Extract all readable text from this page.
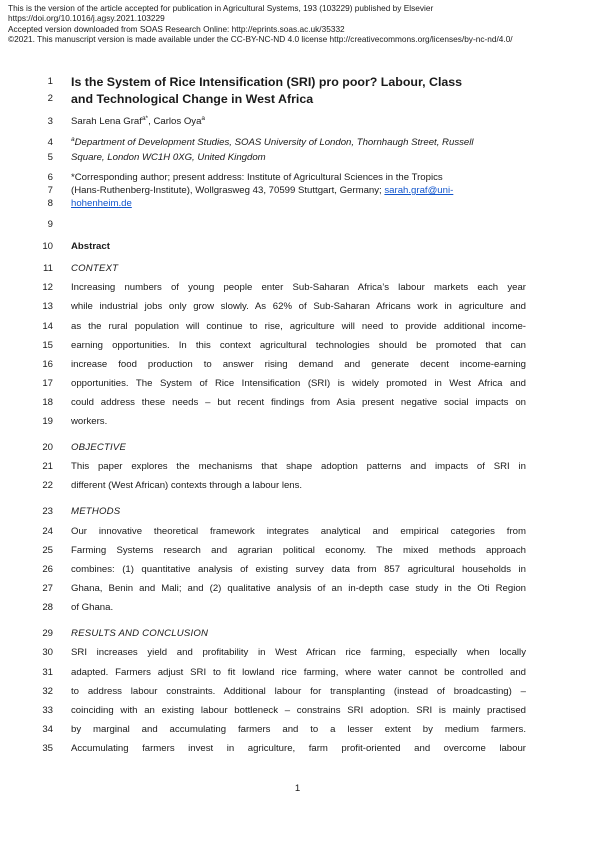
This is the version of the article accepted for publication in Agricultural Systems, 193 (103229) published by Elsevier
https://doi.org/10.1016/j.agsy.2021.103229
Accepted version downloaded from SOAS Research Online: http://eprints.soas.ac.uk/35332
©2021. This manuscript version is made available under the CC-BY-NC-ND 4.0 license http://creativecommons.org/licenses/by-nc-nd/4.0/
1 Is the System of Rice Intensification (SRI) pro poor? Labour, Class
2 and Technological Change in West Africa
3 Sarah Lena Graf$^{a*}$, Carlos Oya$^a$
4	$^a$Department of Development Studies, SOAS University of London, Thornhaugh Street, Russell
5 Square, London WC1H 0XG, United Kingdom
6 *Corresponding author; present address: Institute of Agricultural Sciences in the Tropics
7 (Hans-Ruthenberg-Institute), Wollgrasweg 43, 70599 Stuttgart, Germany; sarah.graf@uni-
8 hohenheim.de
9
10 Abstract
11 CONTEXT
12 Increasing numbers of young people enter Sub-Saharan Africa’s labour markets each year
13 while industrial jobs only grow slowly. As 62% of Sub-Saharan Africans work in agriculture and
14 as the rural population will continue to rise, agriculture will need to provide additional income-
15 earning opportunities. In this context agricultural technologies should be promoted that can
16 increase food production to answer rising demand and generate decent income-earning
17 opportunities. The System of Rice Intensification (SRI) is widely promoted in West Africa and
18 could address these needs – but recent findings from Asia present negative social impacts on
19 workers.
20 OBJECTIVE
21 This paper explores the mechanisms that shape adoption patterns and impacts of SRI in
22 different (West African) contexts through a labour lens.
23 METHODS
24 Our innovative theoretical framework integrates analytical and empirical categories from
25 Farming Systems research and agrarian political economy. The mixed methods approach
26 combines: (1) quantitative analysis of existing survey data from 857 agricultural households in
27 Ghana, Benin and Mali; and (2) qualitative analysis of an in-depth case study in the Oti Region
28 of Ghana.
29 RESULTS AND CONCLUSION
30 SRI increases yield and profitability in West African rice farming, especially when locally
31 adapted. Farmers adjust SRI to fit lowland rice farming, where water cannot be controlled and
32 to address labour constraints. Additional labour for transplanting (instead of broadcasting) –
33 coinciding with an existing labour bottleneck – constrains SRI adoption. SRI is mainly practised
34 by marginal and accumulating farmers and to a lesser extent by medium farmers.
35 Accumulating farmers invest in agriculture, farm profit-oriented and overcome labour
1
